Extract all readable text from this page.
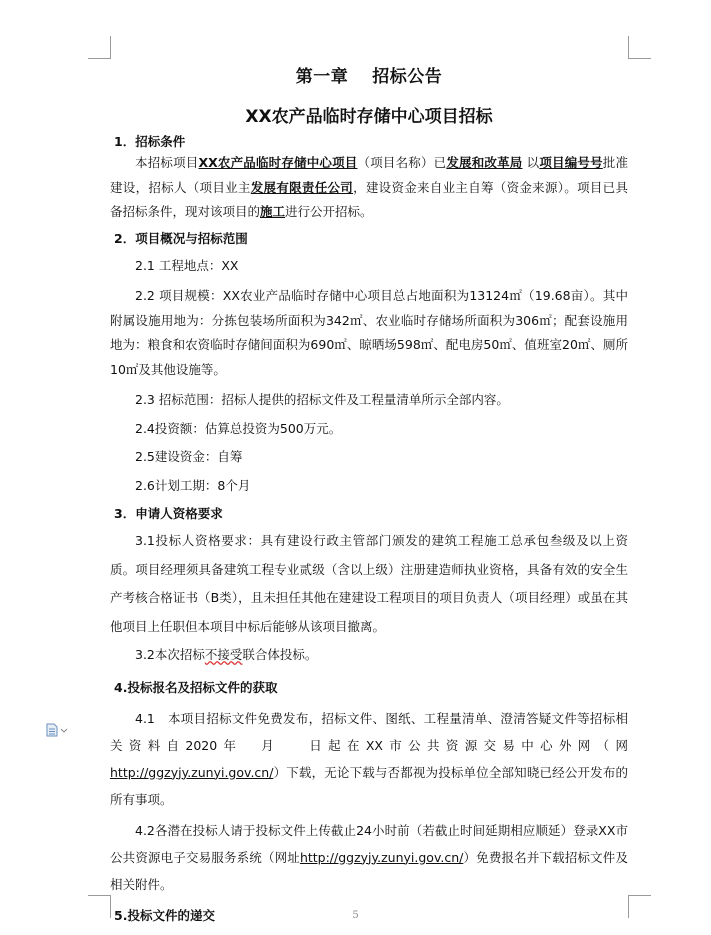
第一章　 招标公告
XX农产品临时存储中心项目招标
1．招标条件

本招标项目XX农产品临时存储中心项目（项目名称）已发展和改革局 以项目编号号批准建设，招标人（项目业主发展有限责任公司，建设资金来自业主自筹（资金来源）。项目已具备招标条件，现对该项目的施工进行公开招标。

2．项目概况与招标范围

2.1 工程地点：XX

2.2 项目规模：XX农业产品临时存储中心项目总占地面积为13124㎡（19.68亩）。其中附属设施用地为：分拣包装场所面积为342㎡、农业临时存储场所面积为306㎡；配套设施用地为：粮食和农资临时存储间面积为690㎡、晾晒场598㎡、配电房50㎡、值班室20㎡、厕所10㎡及其他设施等。

2.3 招标范围：招标人提供的招标文件及工程量清单所示全部内容。

2.4投资额：估算总投资为500万元。

2.5建设资金：自筹

2.6计划工期：8个月

3．申请人资格要求

3.1投标人资格要求：具有建设行政主管部门颁发的建筑工程施工总承包叁级及以上资质。项目经理须具备建筑工程专业贰级（含以上级）注册建造师执业资格，具备有效的安全生产考核合格证书（B类），且未担任其他在建建设工程项目的项目负责人（项目经理）或虽在其他项目上任职但本项目中标后能够从该项目撤离。

3.2本次招标不接受联合体投标。

4.投标报名及招标文件的获取

4.1　本项目招标文件免费发布，招标文件、图纸、工程量清单、澄清答疑文件等招标相关资料自2020年　月　 日起在XX市公共资源交易中心外网（网http://ggzyjy.zunyi.gov.cn/）下载，无论下载与否都视为投标单位全部知晓已经公开发布的所有事项。

4.2各潜在投标人请于投标文件上传截止24小时前（若截止时间延期相应顺延）登录XX市公共资源电子交易服务系统（网址http://ggzyjy.zunyi.gov.cn/）免费报名并下载招标文件及相关附件。

5.投标文件的递交	5
